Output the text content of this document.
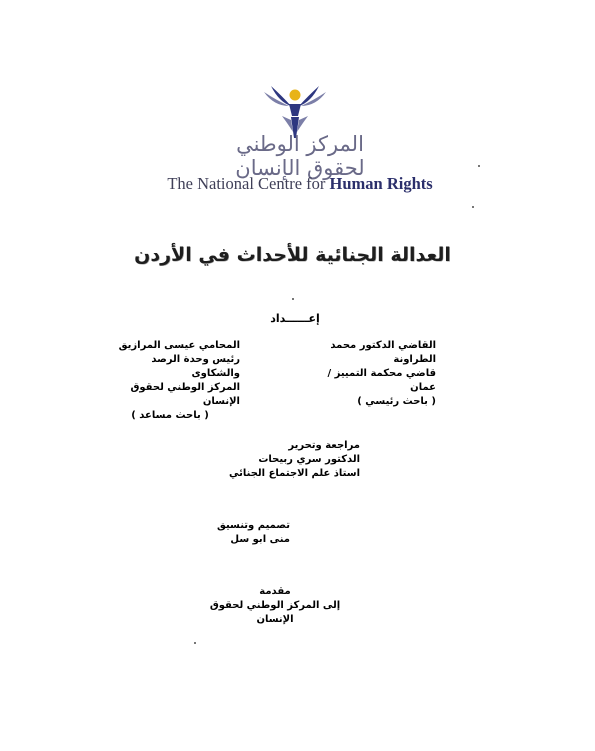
المركز الوطني لحقوق الإنسان
The National Centre for Human Rights
العدالة الجنائية للأحداث في الأردن
إعــــــداد
القاضي الدكتور محمد الطراونة
قاضي محكمة التمييز / عمان
( باحث رئيسي )
المحامي عيسى المرازيق
رئيس وحدة الرصد والشكاوى
المركز الوطني لحقوق الإنسان
( باحث مساعد )
مراجعة وتحرير
الدكتور سري ربيحات
استاذ علم الاجتماع الجنائي
تصميم وتنسيق
منى ابو سل
مقدمة
إلى المركز الوطني لحقوق الإنسان
